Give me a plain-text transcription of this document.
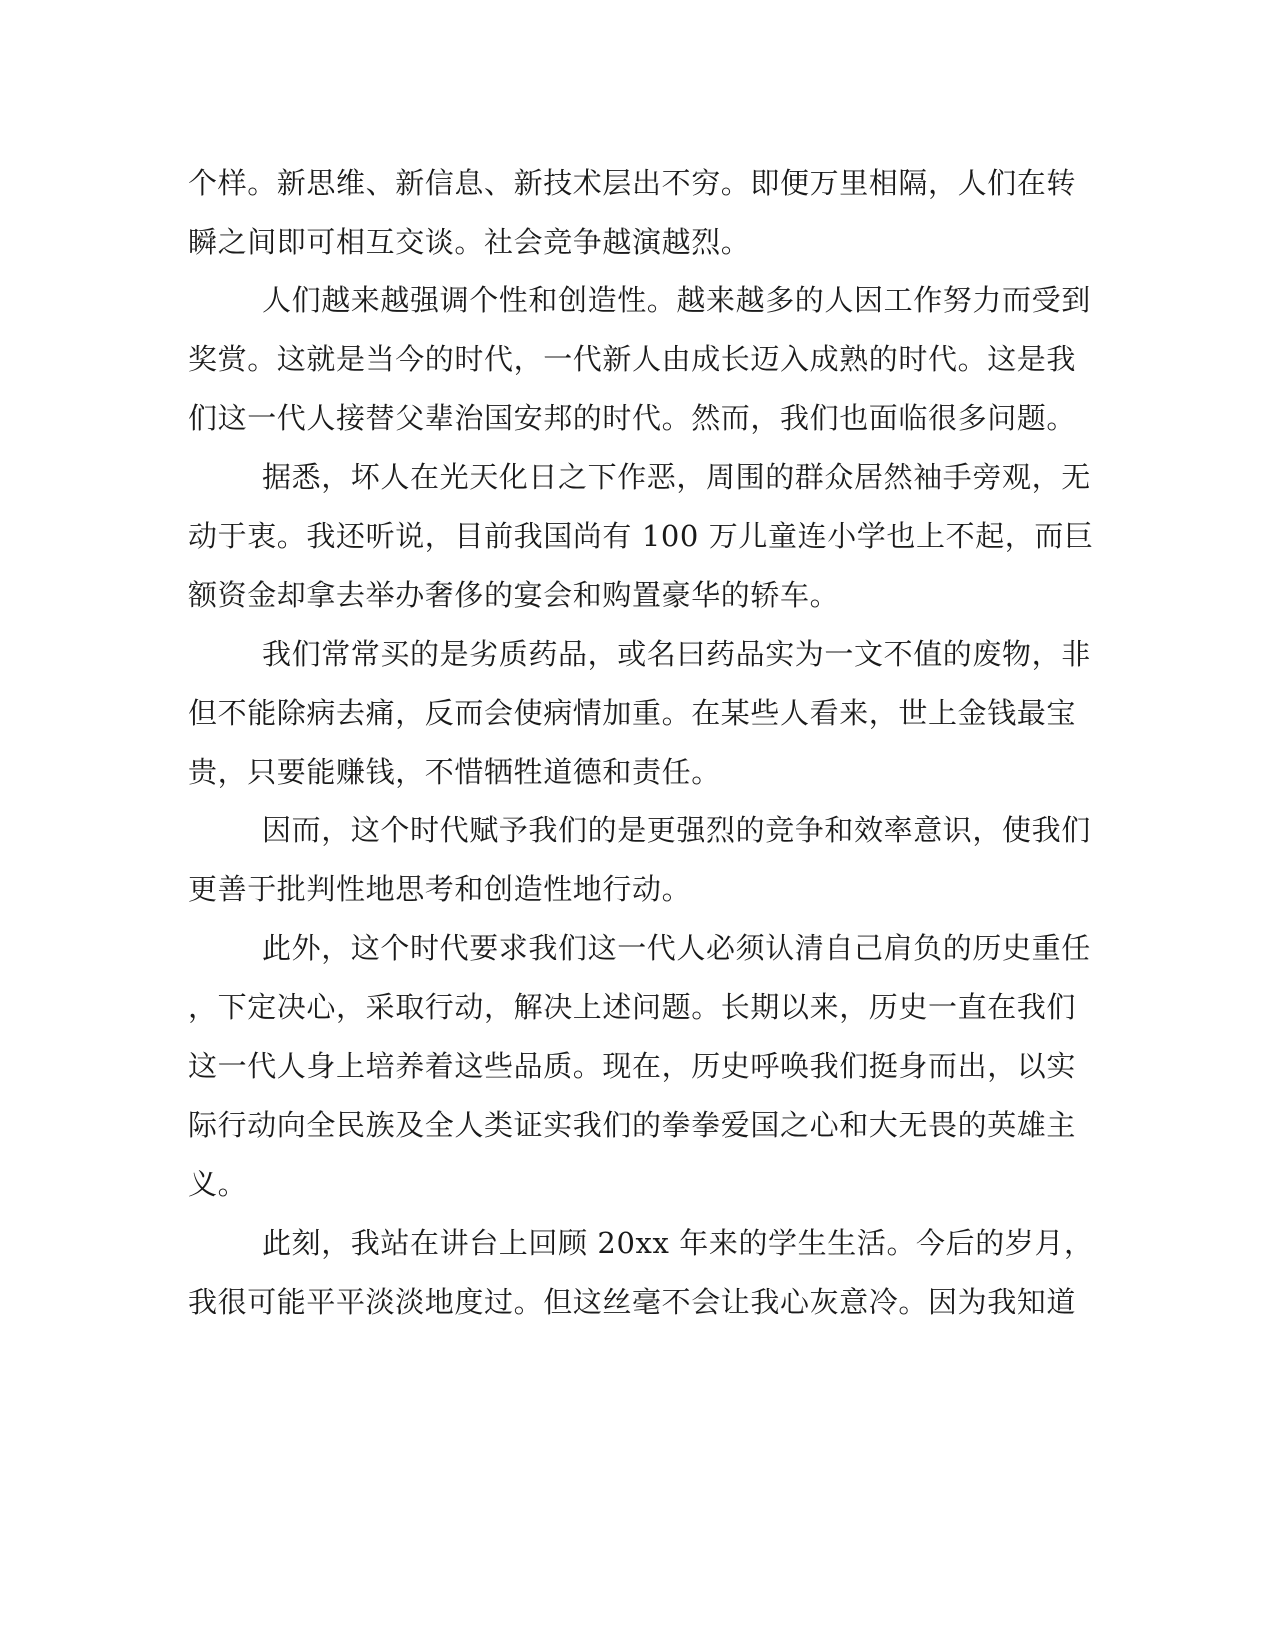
个样。新思维、新信息、新技术层出不穷。即便万里相隔，人们在转
瞬之间即可相互交谈。社会竞争越演越烈。
人们越来越强调个性和创造性。越来越多的人因工作努力而受到
奖赏。这就是当今的时代，一代新人由成长迈入成熟的时代。这是我
们这一代人接替父辈治国安邦的时代。然而，我们也面临很多问题。
据悉，坏人在光天化日之下作恶，周围的群众居然袖手旁观，无
动于衷。我还听说，目前我国尚有 100 万儿童连小学也上不起，而巨
额资金却拿去举办奢侈的宴会和购置豪华的轿车。
我们常常买的是劣质药品，或名曰药品实为一文不值的废物，非
但不能除病去痛，反而会使病情加重。在某些人看来，世上金钱最宝
贵，只要能赚钱，不惜牺牲道德和责任。
因而，这个时代赋予我们的是更强烈的竞争和效率意识，使我们
更善于批判性地思考和创造性地行动。
此外，这个时代要求我们这一代人必须认清自己肩负的历史重任
，下定决心，采取行动，解决上述问题。长期以来，历史一直在我们
这一代人身上培养着这些品质。现在，历史呼唤我们挺身而出，以实
际行动向全民族及全人类证实我们的拳拳爱国之心和大无畏的英雄主
义。
此刻，我站在讲台上回顾 20xx 年来的学生生活。今后的岁月，
我很可能平平淡淡地度过。但这丝毫不会让我心灰意冷。因为我知道
